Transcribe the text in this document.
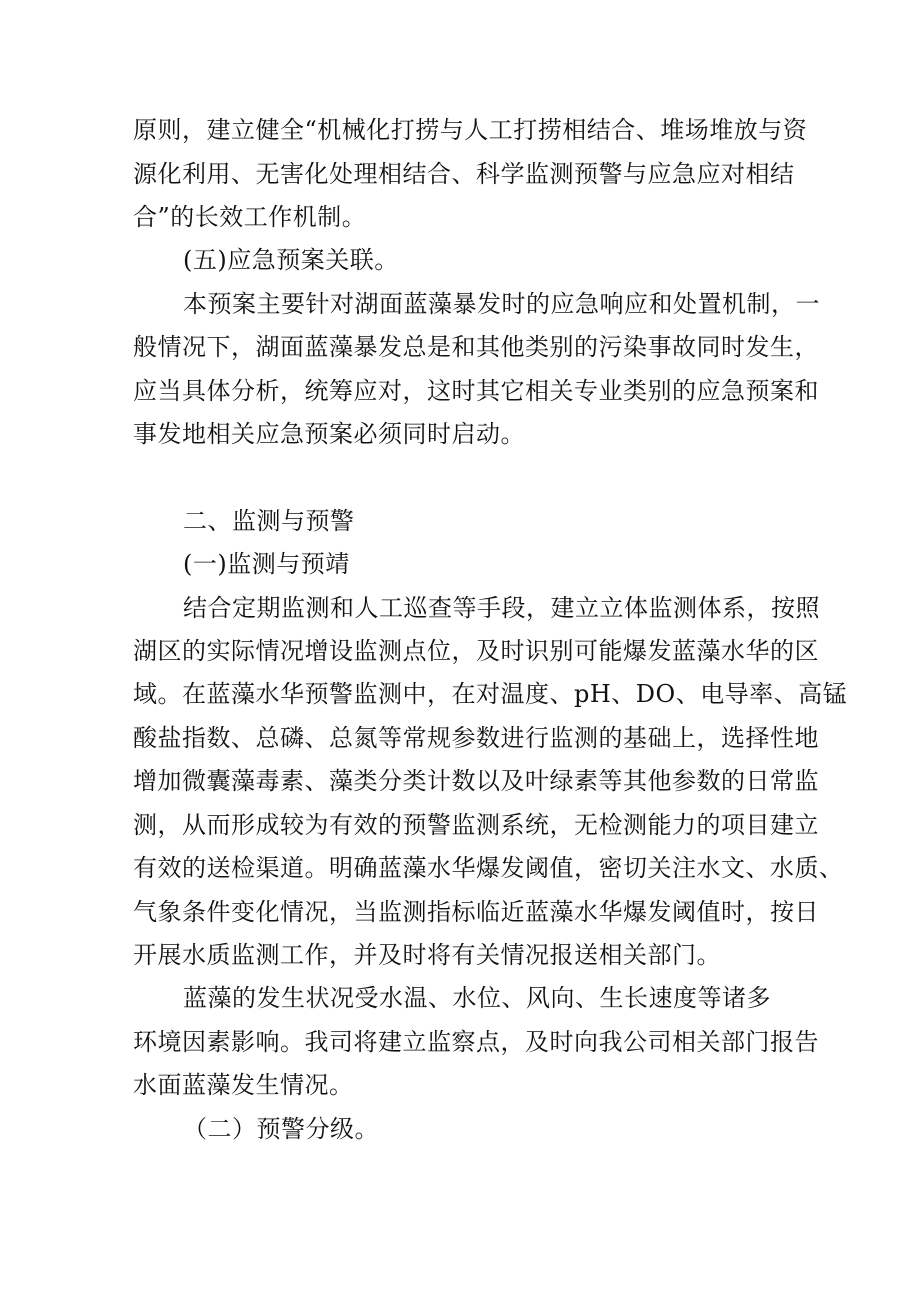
原则，建立健全“机械化打捞与人工打捞相结合、堆场堆放与资
源化利用、无害化处理相结合、科学监测预警与应急应对相结
合”的长效工作机制。
(五)应急预案关联。
本预案主要针对湖面蓝藻暴发时的应急响应和处置机制，一
般情况下，湖面蓝藻暴发总是和其他类别的污染事故同时发生，
应当具体分析，统筹应对，这时其它相关专业类别的应急预案和
事发地相关应急预案必须同时启动。
二、监测与预警
(一)监测与预靖
结合定期监测和人工巡查等手段，建立立体监测体系，按照
湖区的实际情况增设监测点位，及时识别可能爆发蓝藻水华的区
域。在蓝藻水华预警监测中，在对温度、pH、DO、电导率、高锰
酸盐指数、总磷、总氮等常规参数进行监测的基础上，选择性地
增加微囊藻毒素、藻类分类计数以及叶绿素等其他参数的日常监
测，从而形成较为有效的预警监测系统，无检测能力的项目建立
有效的送检渠道。明确蓝藻水华爆发阈值，密切关注水文、水质、
气象条件变化情况，当监测指标临近蓝藻水华爆发阈值时，按日
开展水质监测工作，并及时将有关情况报送相关部门。
蓝藻的发生状况受水温、水位、风向、生长速度等诸多
环境因素影响。我司将建立监察点，及时向我公司相关部门报告
水面蓝藻发生情况。
（二）预警分级。
